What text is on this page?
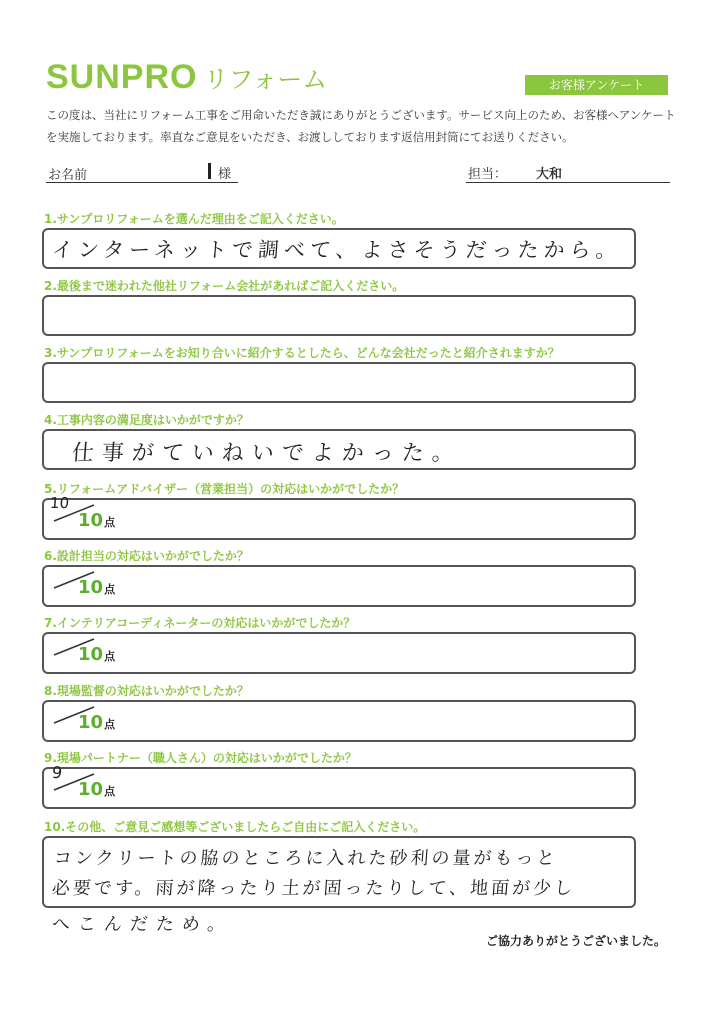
SUNPRO リフォーム	お客様アンケート
この度は、当社にリフォーム工事をご用命いただき誠にありがとうございます。サービス向上のため、お客様へアンケートを実施しております。率直なご意見をいただき、お渡ししております返信用封筒にてお送りください。
お名前	様	担当： 大和
1.サンプロリフォームを選んだ理由をご記入ください。
インターネットで調べて、よさそうだったから。
2.最後まで迷われた他社リフォーム会社があればご記入ください。
3.サンプロリフォームをお知り合いに紹介するとしたら、どんな会社だったと紹介されますか？
4.工事内容の満足度はいかがですか？
仕事がていねいでよかった。
5.リフォームアドバイザー（営業担当）の対応はいかがでしたか？
10
10点
6.設計担当の対応はいかがでしたか？
10点
7.インテリアコーディネーターの対応はいかがでしたか？
10点
8.現場監督の対応はいかがでしたか？
10点
9.現場パートナー（職人さん）の対応はいかがでしたか？
9
10点
10.その他、ご意見ご感想等ございましたらご自由にご記入ください。
コンクリートの脇のところに入れた砂利の量がもっと
必要です。雨が降ったり土が固ったりして、地面が少し
へこんだため。
ご協力ありがとうございました。
